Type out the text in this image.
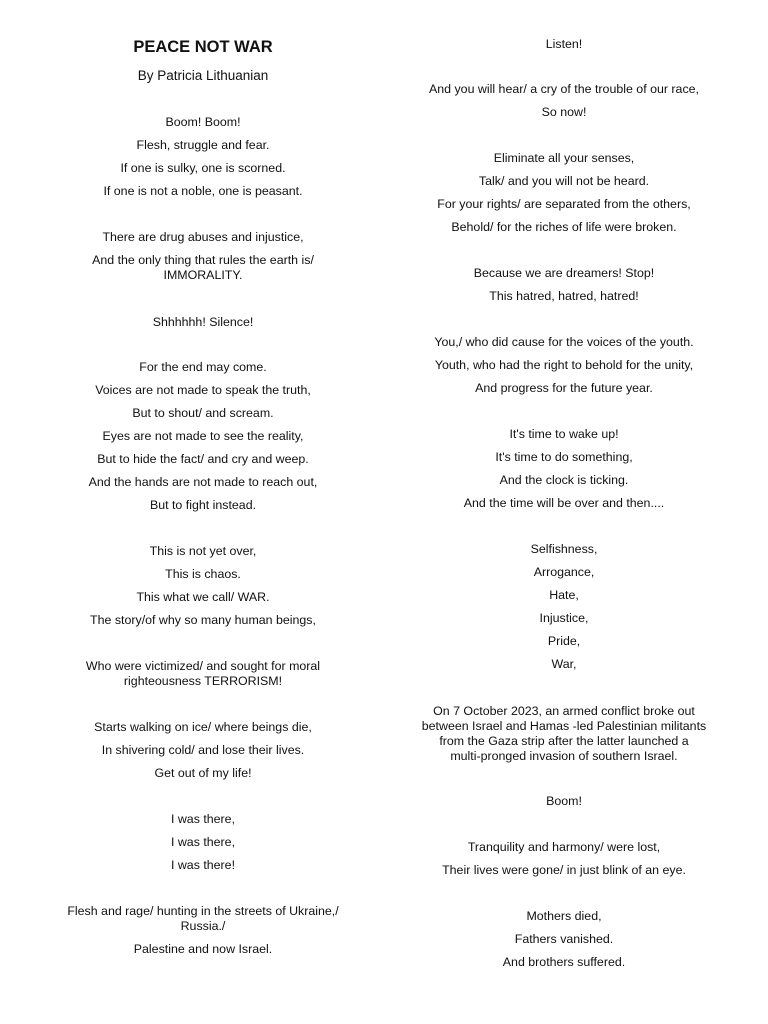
PEACE NOT WAR
By Patricia Lithuanian
Boom! Boom!
Flesh, struggle and fear.
If one is sulky, one is scorned.
If one is not a noble, one is peasant.
There are drug abuses and injustice,
And the only thing that rules the earth is/
IMMORALITY.
Shhhhhh! Silence!
For the end may come.
Voices are not made to speak the truth,
But to shout/ and scream.
Eyes are not made to see the reality,
But to hide the fact/ and cry and weep.
And the hands are not made to reach out,
But to fight instead.
This is not yet over,
This is chaos.
This what we call/ WAR.
The story/of why so many human beings,
Who were victimized/ and sought for moral
righteousness TERRORISM!
Starts walking on ice/ where beings die,
In shivering cold/ and lose their lives.
Get out of my life!
I was there,
I was there,
I was there!
Flesh and rage/ hunting in the streets of Ukraine,/
Russia./
Palestine and now Israel.
Listen!
And you will hear/ a cry of the trouble of our race,
So now!
Eliminate all your senses,
Talk/ and you will not be heard.
For your rights/ are separated from the others,
Behold/ for the riches of life were broken.
Because we are dreamers! Stop!
This hatred, hatred, hatred!
You,/ who did cause for the voices of the youth.
Youth, who had the right to behold for the unity,
And progress for the future year.
It's time to wake up!
It's time to do something,
And the clock is ticking.
And the time will be over and then....
Selfishness,
Arrogance,
Hate,
Injustice,
Pride,
War,
On 7 October 2023, an armed conflict broke out
between Israel and Hamas -led Palestinian militants
from the Gaza strip after the latter launched a
multi-pronged invasion of southern Israel.
Boom!
Tranquility and harmony/ were lost,
Their lives were gone/ in just blink of an eye.
Mothers died,
Fathers vanished.
And brothers suffered.
